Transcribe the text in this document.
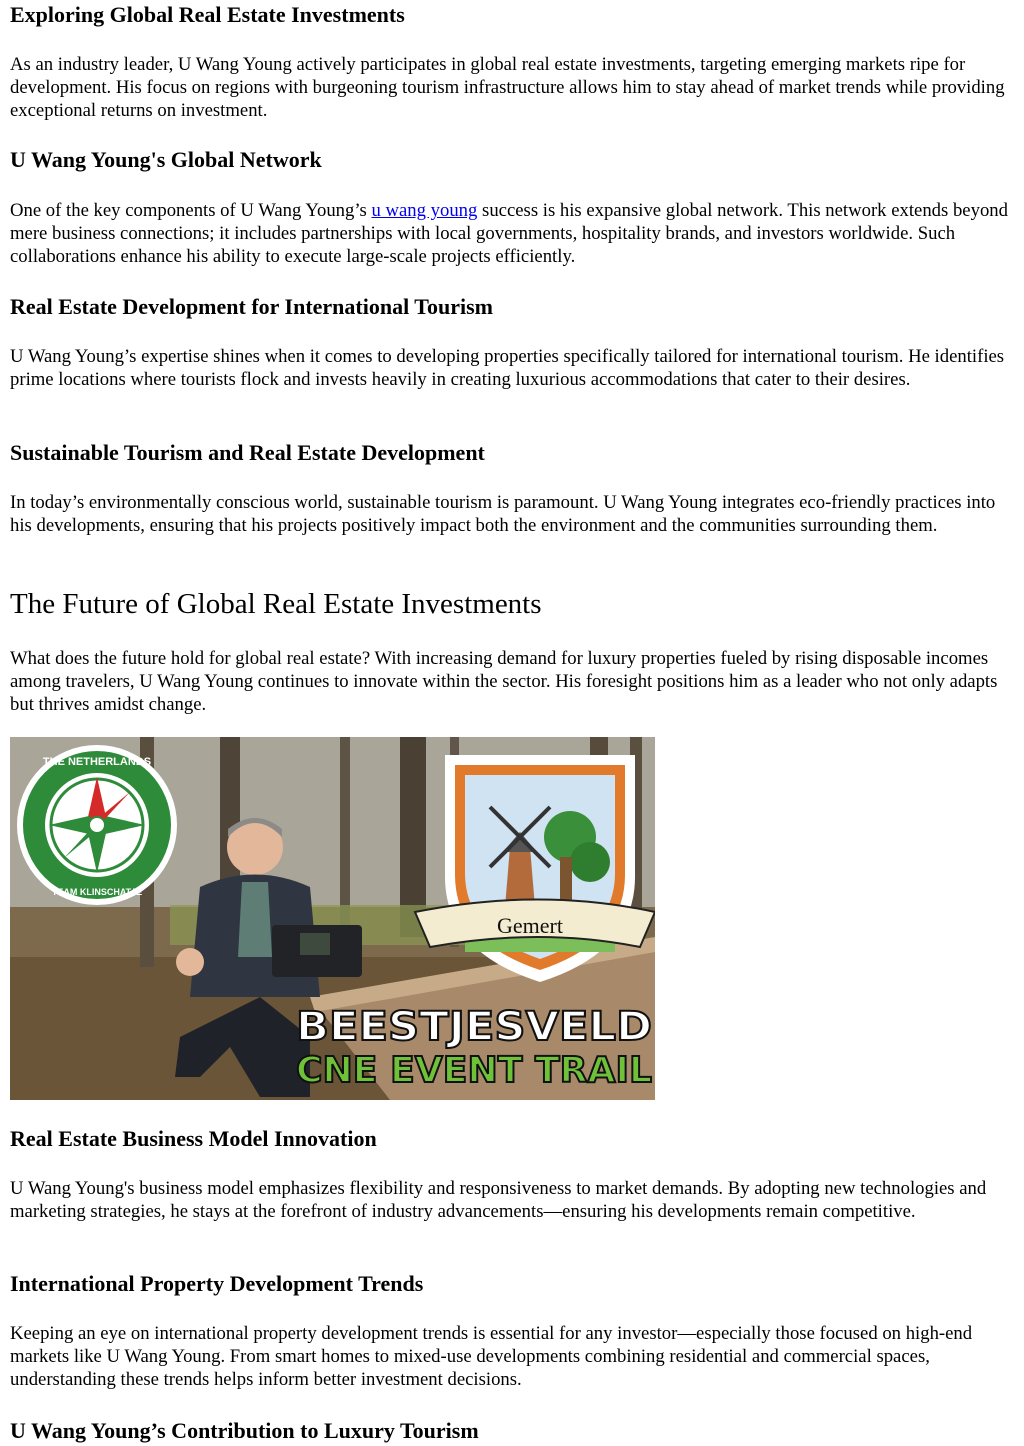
Exploring Global Real Estate Investments

As an industry leader, U Wang Young actively participates in global real estate investments, targeting emerging markets ripe for development. His focus on regions with burgeoning tourism infrastructure allows him to stay ahead of market trends while providing exceptional returns on investment.

U Wang Young's Global Network

One of the key components of U Wang Young’s u wang young success is his expansive global network. This network extends beyond mere business connections; it includes partnerships with local governments, hospitality brands, and investors worldwide. Such collaborations enhance his ability to execute large-scale projects efficiently.

Real Estate Development for International Tourism

U Wang Young’s expertise shines when it comes to developing properties specifically tailored for international tourism. He identifies prime locations where tourists flock and invests heavily in creating luxurious accommodations that cater to their desires.

Sustainable Tourism and Real Estate Development

In today’s environmentally conscious world, sustainable tourism is paramount. U Wang Young integrates eco-friendly practices into his developments, ensuring that his projects positively impact both the environment and the communities surrounding them.

The Future of Global Real Estate Investments

What does the future hold for global real estate? With increasing demand for luxury properties fueled by rising disposable incomes among travelers, U Wang Young continues to innovate within the sector. His foresight positions him as a leader who not only adapts but thrives amidst change.

THE NETHERLANDS
TEAM KLINSCHATJE
Gemert
BEESTJESVELD
CNE EVENT TRAIL
Real Estate Business Model Innovation

U Wang Young's business model emphasizes flexibility and responsiveness to market demands. By adopting new technologies and marketing strategies, he stays at the forefront of industry advancements—ensuring his developments remain competitive.

International Property Development Trends

Keeping an eye on international property development trends is essential for any investor—especially those focused on high-end markets like U Wang Young. From smart homes to mixed-use developments combining residential and commercial spaces, understanding these trends helps inform better investment decisions.

U Wang Young’s Contribution to Luxury Tourism
